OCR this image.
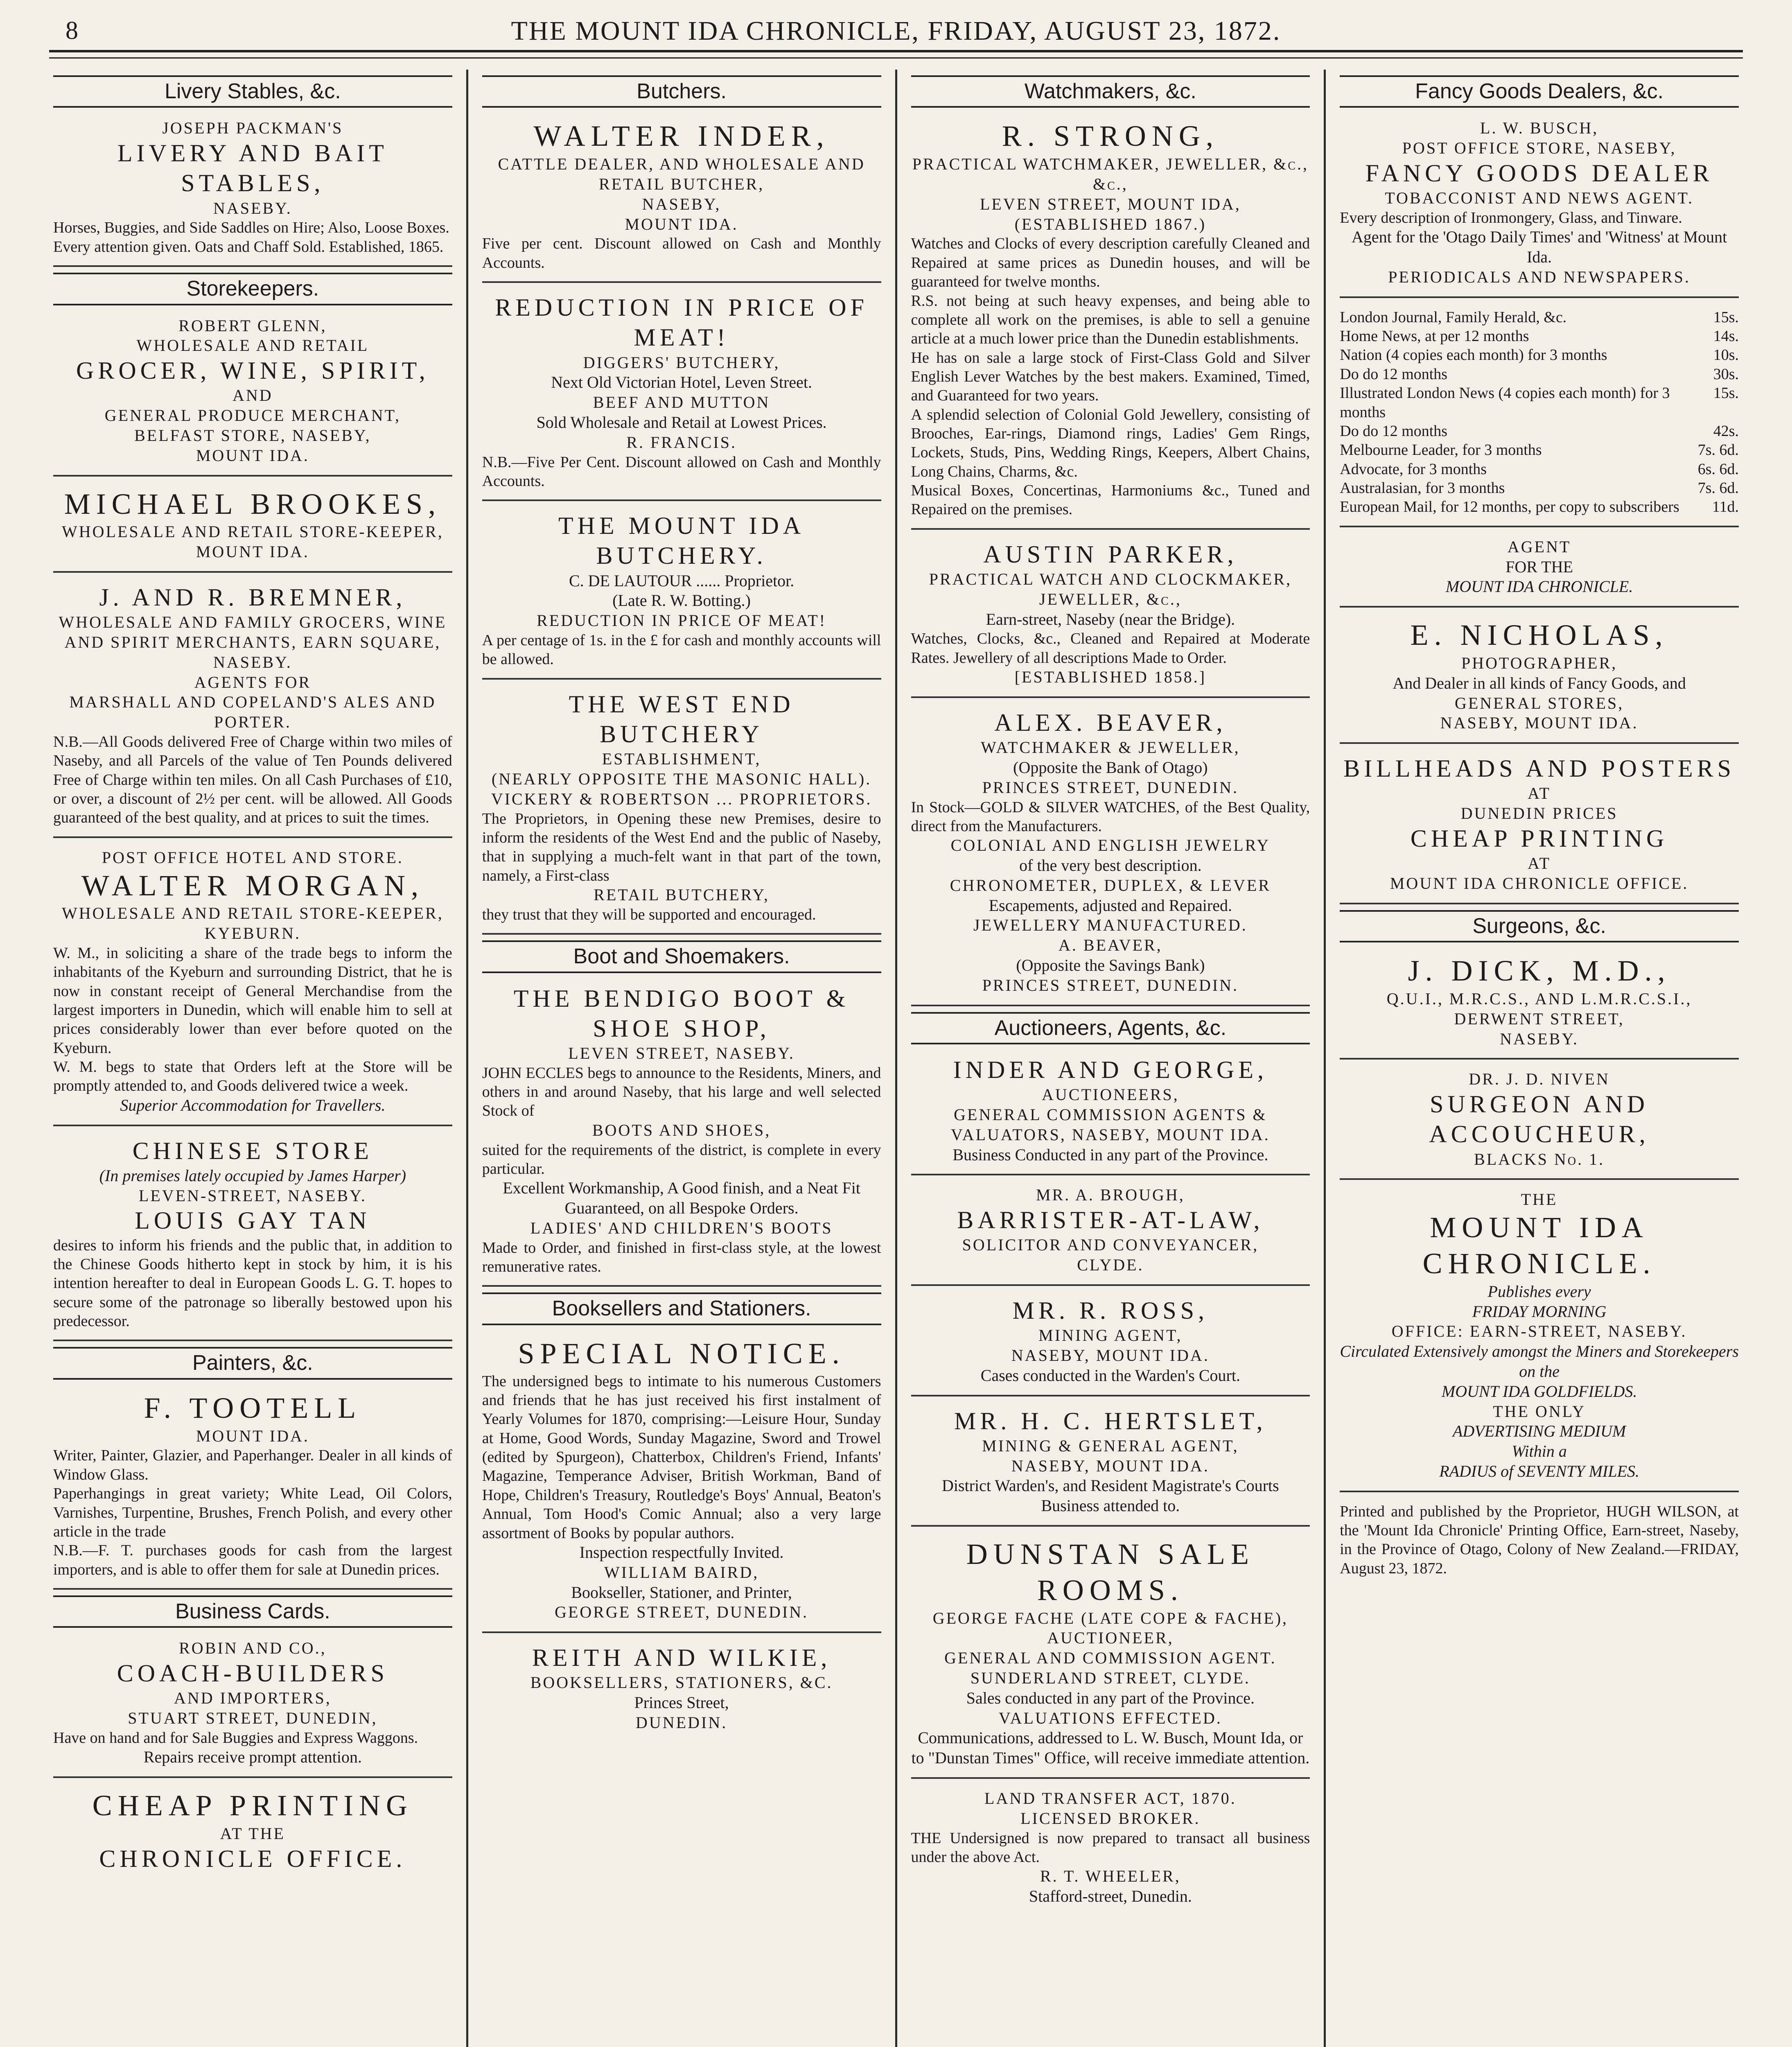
8	THE MOUNT IDA CHRONICLE, FRIDAY, AUGUST 23, 1872.
Livery Stables, &c.
JOSEPH PACKMAN'S
LIVERY AND BAIT STABLES,
NASEBY.
Horses, Buggies, and Side Saddles on Hire; Also, Loose Boxes.
Every attention given. Oats and Chaff Sold. Established, 1865.
Storekeepers.
ROBERT GLENN,
WHOLESALE AND RETAIL
GROCER, WINE, SPIRIT,
AND
GENERAL PRODUCE MERCHANT,
BELFAST STORE, NASEBY,
MOUNT IDA.
MICHAEL BROOKES,
WHOLESALE AND RETAIL STORE-KEEPER,
MOUNT IDA.
J. AND R. BREMNER,
WHOLESALE AND FAMILY GROCERS, WINE AND SPIRIT MERCHANTS, EARN SQUARE, NASEBY.
AGENTS FOR
MARSHALL AND COPELAND'S ALES AND PORTER.
N.B.—All Goods delivered Free of Charge within two miles of Naseby, and all Parcels of the value of Ten Pounds delivered Free of Charge within ten miles. On all Cash Purchases of £10, or over, a discount of 2½ per cent. will be allowed. All Goods guaranteed of the best quality, and at prices to suit the times.
POST OFFICE HOTEL AND STORE.
WALTER MORGAN,
WHOLESALE AND RETAIL STORE-KEEPER,
KYEBURN.
W. M., in soliciting a share of the trade begs to inform the inhabitants of the Kyeburn and surrounding District, that he is now in constant receipt of General Merchandise from the largest importers in Dunedin, which will enable him to sell at prices considerably lower than ever before quoted on the Kyeburn.
W. M. begs to state that Orders left at the Store will be promptly attended to, and Goods delivered twice a week.
Superior Accommodation for Travellers.
CHINESE STORE
(In premises lately occupied by James Harper)
LEVEN-STREET, NASEBY.
LOUIS GAY TAN
desires to inform his friends and the public that, in addition to the Chinese Goods hitherto kept in stock by him, it is his intention hereafter to deal in European Goods L. G. T. hopes to secure some of the patronage so liberally bestowed upon his predecessor.
Painters, &c.
F. TOOTELL
MOUNT IDA.
Writer, Painter, Glazier, and Paperhanger. Dealer in all kinds of Window Glass.
Paperhangings in great variety; White Lead, Oil Colors, Varnishes, Turpentine, Brushes, French Polish, and every other article in the trade
N.B.—F. T. purchases goods for cash from the largest importers, and is able to offer them for sale at Dunedin prices.
Business Cards.
ROBIN AND CO.,
COACH-BUILDERS
AND IMPORTERS,
STUART STREET, DUNEDIN,
Have on hand and for Sale Buggies and Express Waggons.
Repairs receive prompt attention.
CHEAP PRINTING
AT THE
CHRONICLE OFFICE.
Butchers.
WALTER INDER,
CATTLE DEALER, AND WHOLESALE AND RETAIL BUTCHER,
NASEBY,
MOUNT IDA.
Five per cent. Discount allowed on Cash and Monthly Accounts.
REDUCTION IN PRICE OF MEAT!
DIGGERS' BUTCHERY,
Next Old Victorian Hotel, Leven Street.
BEEF AND MUTTON
Sold Wholesale and Retail at Lowest Prices.
R. FRANCIS.
N.B.—Five Per Cent. Discount allowed on Cash and Monthly Accounts.
THE MOUNT IDA BUTCHERY.
C. DE LAUTOUR ...... Proprietor.
(Late R. W. Botting.)
REDUCTION IN PRICE OF MEAT!
A per centage of 1s. in the £ for cash and monthly accounts will be allowed.
THE WEST END BUTCHERY
ESTABLISHMENT,
(NEARLY OPPOSITE THE MASONIC HALL).
VICKERY & ROBERTSON ... PROPRIETORS.
The Proprietors, in Opening these new Premises, desire to inform the residents of the West End and the public of Naseby, that in supplying a much-felt want in that part of the town, namely, a First-class
RETAIL BUTCHERY,
they trust that they will be supported and encouraged.
Boot and Shoemakers.
THE BENDIGO BOOT & SHOE SHOP,
LEVEN STREET, NASEBY.
JOHN ECCLES begs to announce to the Residents, Miners, and others in and around Naseby, that his large and well selected Stock of
BOOTS AND SHOES,
suited for the requirements of the district, is complete in every particular.
Excellent Workmanship, A Good finish, and a Neat Fit Guaranteed, on all Bespoke Orders.
LADIES' AND CHILDREN'S BOOTS
Made to Order, and finished in first-class style, at the lowest remunerative rates.
Booksellers and Stationers.
SPECIAL NOTICE.
The undersigned begs to intimate to his numerous Customers and friends that he has just received his first instalment of Yearly Volumes for 1870, comprising:—Leisure Hour, Sunday at Home, Good Words, Sunday Magazine, Sword and Trowel (edited by Spurgeon), Chatterbox, Children's Friend, Infants' Magazine, Temperance Adviser, British Workman, Band of Hope, Children's Treasury, Routledge's Boys' Annual, Beaton's Annual, Tom Hood's Comic Annual; also a very large assortment of Books by popular authors.
Inspection respectfully Invited.
WILLIAM BAIRD,
Bookseller, Stationer, and Printer,
GEORGE STREET, DUNEDIN.
REITH AND WILKIE,
BOOKSELLERS, STATIONERS, &C.
Princes Street,
DUNEDIN.
Watchmakers, &c.
R. STRONG,
PRACTICAL WATCHMAKER, JEWELLER, &c., &c.,
LEVEN STREET, MOUNT IDA,
(ESTABLISHED 1867.)
Watches and Clocks of every description carefully Cleaned and Repaired at same prices as Dunedin houses, and will be guaranteed for twelve months.
R.S. not being at such heavy expenses, and being able to complete all work on the premises, is able to sell a genuine article at a much lower price than the Dunedin establishments.
He has on sale a large stock of First-Class Gold and Silver English Lever Watches by the best makers. Examined, Timed, and Guaranteed for two years.
A splendid selection of Colonial Gold Jewellery, consisting of Brooches, Ear-rings, Diamond rings, Ladies' Gem Rings, Lockets, Studs, Pins, Wedding Rings, Keepers, Albert Chains, Long Chains, Charms, &c.
Musical Boxes, Concertinas, Harmoniums &c., Tuned and Repaired on the premises.
AUSTIN PARKER,
PRACTICAL WATCH AND CLOCKMAKER, JEWELLER, &c.,
Earn-street, Naseby (near the Bridge).
Watches, Clocks, &c., Cleaned and Repaired at Moderate Rates. Jewellery of all descriptions Made to Order.
[ESTABLISHED 1858.]
ALEX. BEAVER,
WATCHMAKER & JEWELLER,
(Opposite the Bank of Otago)
PRINCES STREET, DUNEDIN.
In Stock—GOLD & SILVER WATCHES, of the Best Quality, direct from the Manufacturers.
COLONIAL AND ENGLISH JEWELRY
of the very best description.
CHRONOMETER, DUPLEX, & LEVER
Escapements, adjusted and Repaired.
JEWELLERY MANUFACTURED.
A. BEAVER,
(Opposite the Savings Bank)
PRINCES STREET, DUNEDIN.
Auctioneers, Agents, &c.
INDER AND GEORGE,
AUCTIONEERS,
GENERAL COMMISSION AGENTS & VALUATORS, NASEBY, MOUNT IDA.
Business Conducted in any part of the Province.
MR. A. BROUGH,
BARRISTER-AT-LAW,
SOLICITOR AND CONVEYANCER,
CLYDE.
MR. R. ROSS,
MINING AGENT,
NASEBY, MOUNT IDA.
Cases conducted in the Warden's Court.
MR. H. C. HERTSLET,
MINING & GENERAL AGENT,
NASEBY, MOUNT IDA.
District Warden's, and Resident Magistrate's Courts Business attended to.
DUNSTAN SALE ROOMS.
GEORGE FACHE (LATE COPE & FACHE),
AUCTIONEER,
GENERAL AND COMMISSION AGENT.
SUNDERLAND STREET, CLYDE.
Sales conducted in any part of the Province.
VALUATIONS EFFECTED.
Communications, addressed to L. W. Busch, Mount Ida, or to "Dunstan Times" Office, will receive immediate attention.
LAND TRANSFER ACT, 1870.
LICENSED BROKER.
THE Undersigned is now prepared to transact all business under the above Act.
R. T. WHEELER,
Stafford-street, Dunedin.
Fancy Goods Dealers, &c.
L. W. BUSCH,
POST OFFICE STORE, NASEBY,
FANCY GOODS DEALER
TOBACCONIST AND NEWS AGENT.
Every description of Ironmongery, Glass, and Tinware.
Agent for the 'Otago Daily Times' and 'Witness' at Mount Ida.
PERIODICALS AND NEWSPAPERS.
London Journal, Family Herald, &c.	15s.
Home News, at per 12 months	14s.
Nation (4 copies each month) for 3 months	10s.
Do do 12 months	30s.
Illustrated London News (4 copies each month) for 3 months
15s.
Do do 12 months	42s.
Melbourne Leader, for 3 months	7s. 6d.
Advocate, for 3 months	6s. 6d.
Australasian, for 3 months	7s. 6d.
European Mail, for 12 months, per copy to subscribers 11d.
AGENT
FOR THE
MOUNT IDA CHRONICLE.
E. NICHOLAS,
PHOTOGRAPHER,
And Dealer in all kinds of Fancy Goods, and
GENERAL STORES,
NASEBY, MOUNT IDA.
BILLHEADS AND POSTERS
AT
DUNEDIN PRICES
CHEAP PRINTING
AT
MOUNT IDA CHRONICLE OFFICE.
Surgeons, &c.
J. DICK, M.D.,
Q.U.I., M.R.C.S., AND L.M.R.C.S.I.,
DERWENT STREET,
NASEBY.
DR. J. D. NIVEN
SURGEON AND ACCOUCHEUR,
BLACKS No. 1.
THE
MOUNT IDA CHRONICLE.
Publishes every
FRIDAY MORNING
OFFICE: EARN-STREET, NASEBY.
Circulated Extensively amongst the Miners and Storekeepers on the
MOUNT IDA GOLDFIELDS.
THE ONLY
ADVERTISING MEDIUM
Within a
RADIUS of SEVENTY MILES.
Printed and published by the Proprietor, HUGH WILSON, at the 'Mount Ida Chronicle' Printing Office, Earn-street, Naseby, in the Province of Otago, Colony of New Zealand.—FRIDAY, August 23, 1872.
